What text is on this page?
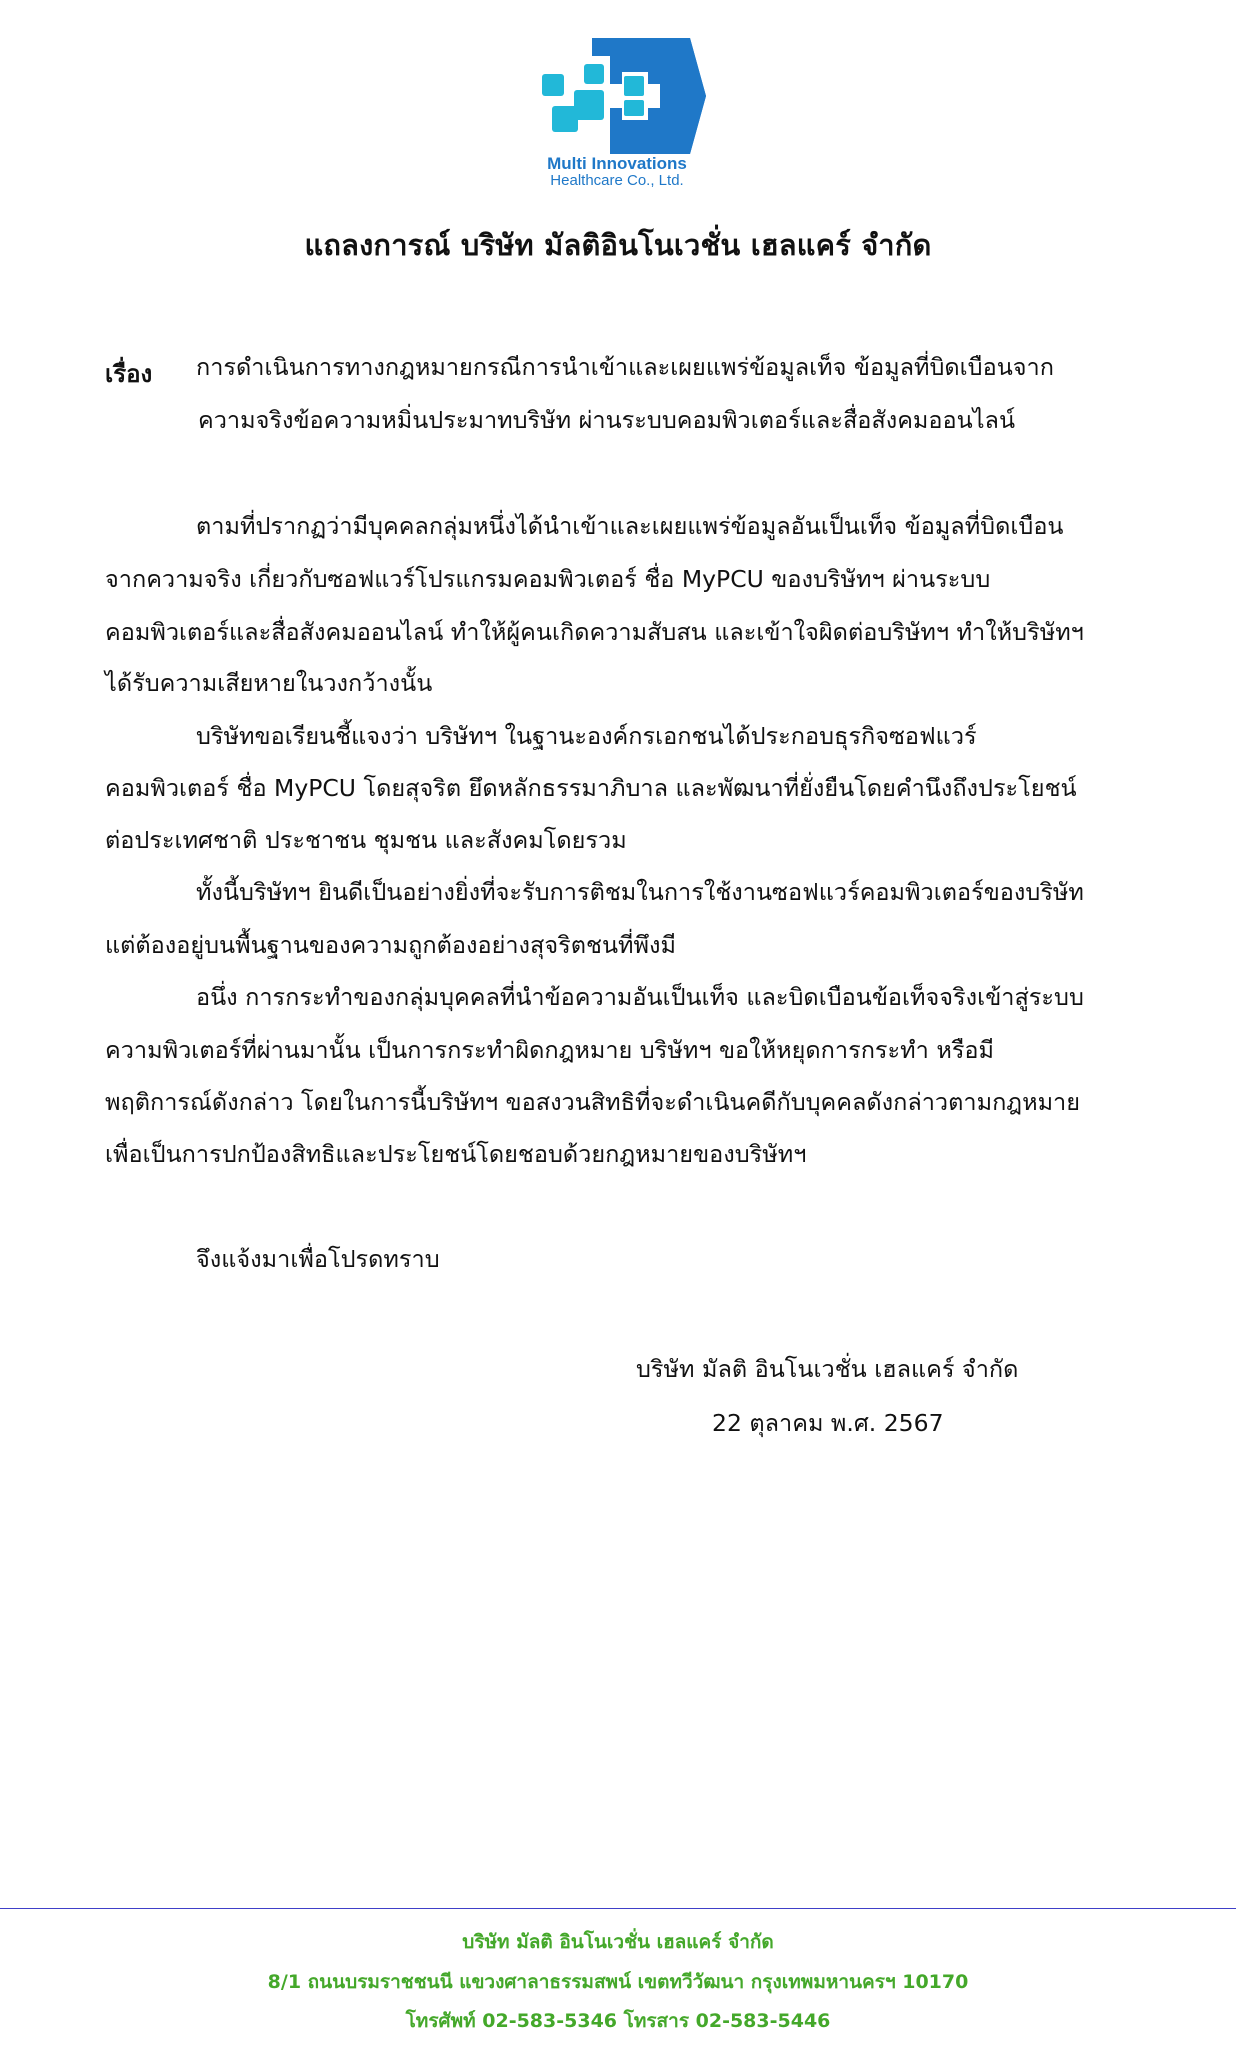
Multi Innovations
Healthcare Co., Ltd.
แถลงการณ์ บริษัท มัลติอินโนเวชั่น เฮลแคร์ จำกัด
เรื่อง การดำเนินการทางกฎหมายกรณีการนำเข้าและเผยแพร่ข้อมูลเท็จ ข้อมูลที่บิดเบือนจาก
ความจริงข้อความหมิ่นประมาทบริษัท ผ่านระบบคอมพิวเตอร์และสื่อสังคมออนไลน์
ตามที่ปรากฏว่ามีบุคคลกลุ่มหนึ่งได้นำเข้าและเผยแพร่ข้อมูลอันเป็นเท็จ ข้อมูลที่บิดเบือน
จากความจริง เกี่ยวกับซอฟแวร์โปรแกรมคอมพิวเตอร์ ชื่อ MyPCU ของบริษัทฯ ผ่านระบบ
คอมพิวเตอร์และสื่อสังคมออนไลน์ ทำให้ผู้คนเกิดความสับสน และเข้าใจผิดต่อบริษัทฯ ทำให้บริษัทฯ
ได้รับความเสียหายในวงกว้างนั้น
บริษัทขอเรียนชี้แจงว่า บริษัทฯ ในฐานะองค์กรเอกชนได้ประกอบธุรกิจซอฟแวร์
คอมพิวเตอร์ ชื่อ MyPCU โดยสุจริต ยึดหลักธรรมาภิบาล และพัฒนาที่ยั่งยืนโดยคำนึงถึงประโยชน์
ต่อประเทศชาติ ประชาชน ชุมชน และสังคมโดยรวม
ทั้งนี้บริษัทฯ ยินดีเป็นอย่างยิ่งที่จะรับการติชมในการใช้งานซอฟแวร์คอมพิวเตอร์ของบริษัท
แต่ต้องอยู่บนพื้นฐานของความถูกต้องอย่างสุจริตชนที่พึงมี
อนึ่ง การกระทำของกลุ่มบุคคลที่นำข้อความอันเป็นเท็จ และบิดเบือนข้อเท็จจริงเข้าสู่ระบบ
ความพิวเตอร์ที่ผ่านมานั้น เป็นการกระทำผิดกฎหมาย บริษัทฯ ขอให้หยุดการกระทำ หรือมี
พฤติการณ์ดังกล่าว โดยในการนี้บริษัทฯ ขอสงวนสิทธิที่จะดำเนินคดีกับบุคคลดังกล่าวตามกฎหมาย
เพื่อเป็นการปกป้องสิทธิและประโยชน์โดยชอบด้วยกฎหมายของบริษัทฯ
จึงแจ้งมาเพื่อโปรดทราบ
บริษัท มัลติ อินโนเวชั่น เฮลแคร์ จำกัด
22 ตุลาคม พ.ศ. 2567
บริษัท มัลติ อินโนเวชั่น เฮลแคร์ จำกัด
8/1 ถนนบรมราชชนนี แขวงศาลาธรรมสพน์ เขตทวีวัฒนา กรุงเทพมหานครฯ 10170
โทรศัพท์ 02-583-5346 โทรสาร 02-583-5446
